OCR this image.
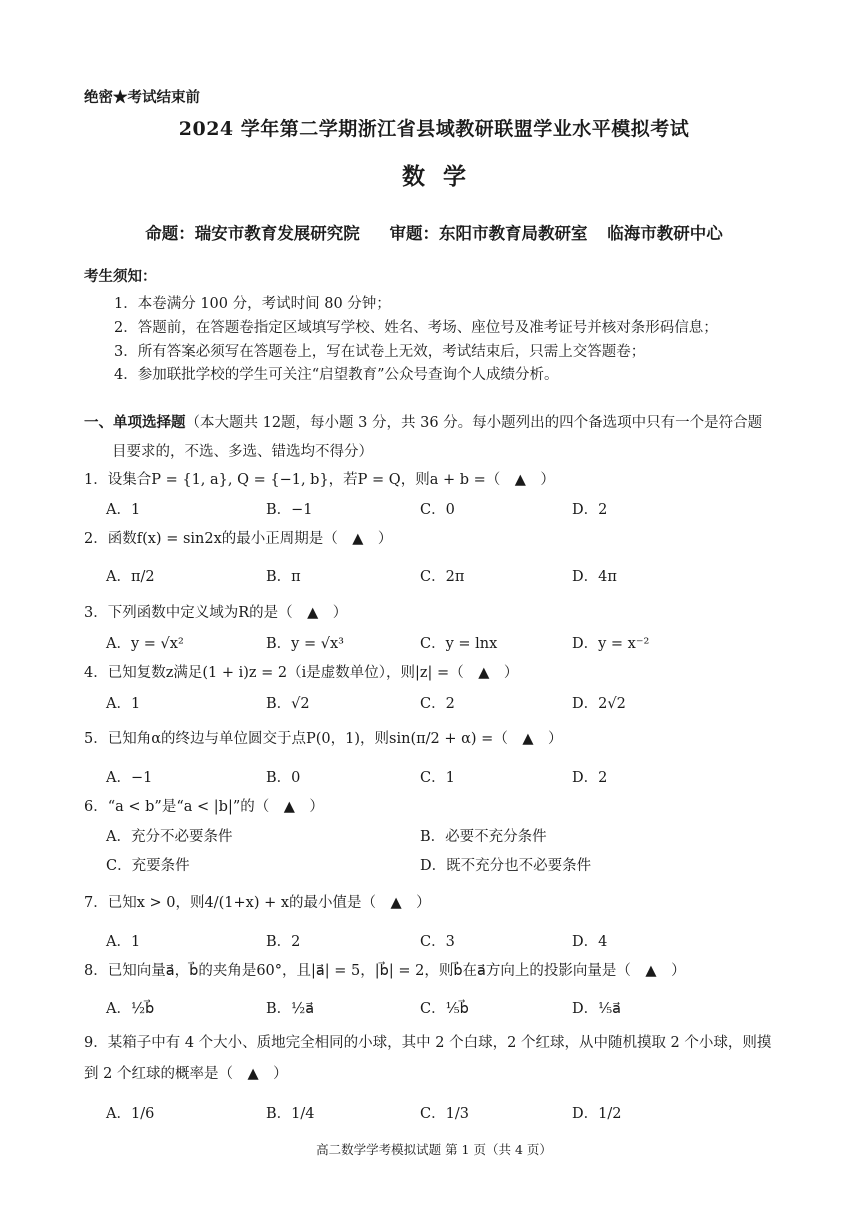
绝密★考试结束前
2024 学年第二学期浙江省县域教研联盟学业水平模拟考试
数学
命题：瑞安市教育发展研究院 审题：东阳市教育局教研室 临海市教研中心
考生须知：
1．本卷满分 100 分，考试时间 80 分钟；
2．答题前，在答题卷指定区域填写学校、姓名、考场、座位号及准考证号并核对条形码信息；
3．所有答案必须写在答题卷上，写在试卷上无效，考试结束后，只需上交答题卷；
4．参加联批学校的学生可关注“启望教育”公众号查询个人成绩分析。
一、单项选择题（本大题共 12题，每小题 3 分，共 36 分。每小题列出的四个备选项中只有一个是符合题
目要求的，不选、多选、错选均不得分）
1．设集合P = {1, a}, Q = {−1, b}，若P = Q，则a + b =（　▲　）
A．1	B．−1	C．0	D．2
2．函数f(x) = sin2x的最小正周期是（　▲　）
A．π/2	B．π	C．2π	D．4π
3．下列函数中定义域为R的是（　▲　）
A．y = √x²	B．y = √x³	C．y = lnx	D．y = x⁻²
4．已知复数z满足(1 + i)z = 2（i是虚数单位），则|z| =（　▲　）
A．1	B．√2	C．2	D．2√2
5．已知角α的终边与单位圆交于点P(0，1)，则sin(π/2 + α) =（　▲　）
A．−1	B．0	C．1	D．2
6．“a < b”是“a < |b|”的（　▲　）
A．充分不必要条件	B．必要不充分条件
C．充要条件	D．既不充分也不必要条件
7．已知x > 0，则4/(1+x) + x的最小值是（　▲　）
A．1	B．2	C．3	D．4
8．已知向量a⃗，b⃗的夹角是60°，且|a⃗| = 5，|b⃗| = 2，则b⃗在a⃗方向上的投影向量是（　▲　）
A．½b⃗	B．½a⃗	C．⅕b⃗	D．⅕a⃗
9．某箱子中有 4 个大小、质地完全相同的小球，其中 2 个白球，2 个红球，从中随机摸取 2 个小球，则摸
到 2 个红球的概率是（　▲　）
A．1/6	B．1/4	C．1/3	D．1/2
高二数学学考模拟试题 第 1 页（共 4 页）
